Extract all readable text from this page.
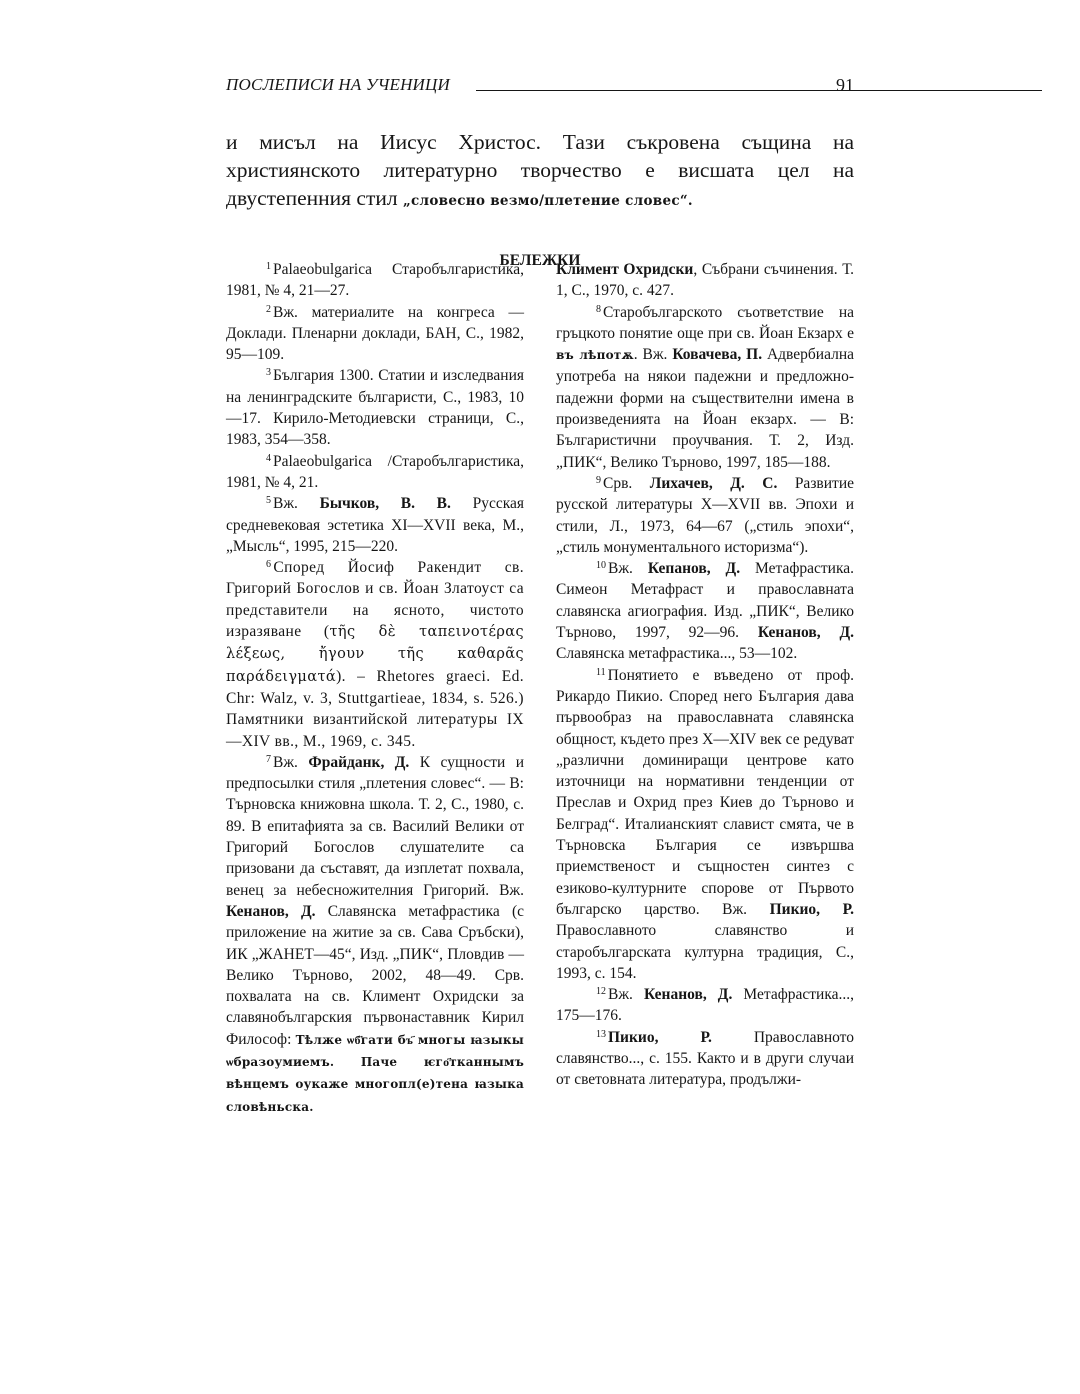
ПОСЛЕПИСИ НА УЧЕНИЦИ	91

и мисъл на Иисус Христос. Тази съкровена същина на християнското литературно творчество е висшата цел на двустепенния стил „словесно везмо/плетение словес“.

БЕЛЕЖКИ

$^1$ Palaeobulgarica Старобългаристика, 1981, № 4, 21—27.

$^2$ Вж. материалите на конгреса — Доклади. Пленарни доклади, БАН, С., 1982, 95—109.

$^3$ България 1300. Статии и изследвания на ленинградските българисти, С., 1983, 10—17. Кирило-Методиевски страници, С., 1983, 354—358.

$^4$ Palaeobulgarica /Старобългаристика, 1981, № 4, 21.

$^5$ Вж. Бычков, В. В. Русская средневековая эстетика XI—XVII века, М., „Мысль“, 1995, 215—220.

$^6$ Според Йосиф Ракендит св. Григорий Богослов и св. Йоан Златоуст са представители на ясното, чистото изразяване (τῆς δὲ ταπεινοτέρας λέξεως, ἤγουν τῆς καθαρᾶς παράδειγματά). – Rhetores graeci. Ed. Chr: Walz, v. 3, Stuttgartieae, 1834, s. 526.) Памятники византийской литературы IX—XIV вв., М., 1969, с. 345.

$^7$ Вж. Фрайданк, Д. К сущности и предпосылки стиля „плетения словес“. — В: Търновска книжовна школа. Т. 2, С., 1980, с. 89. В епитафията за св. Василий Велики от Григорий Богослов слушателите са призовани да съставят, да изплетат похвала, венец за небесножителния Григорий. Вж. Кенанов, Д. Славянска метафрастика (с приложение на житие за св. Сава Сръбски), ИК „ЖАНЕТ—45“, Изд. „ПИК“, Пловдив — Велико Търново, 2002, 48—49. Срв. похвалата на св. Климент Охридски за славянобългарския първонаставник Кирил Философ: Тѣлже ѡб҃гати бъ҃ многы ꙗзыкы ѡбразоумиемъ. Паче ѥго҃тканнымъ вѣнцемъ оукаже многопл(е)тена ꙗзыка словѣньска.

Климент Охридски, Събрани съчинения. Т. 1, С., 1970, с. 427.

$^8$ Старобългарското съответствие на гръцкото понятие още при св. Йоан Екзарх е въ лѣпотѫ. Вж. Ковачева, П. Адвербиална употреба на някои падежни и предложно-падежни форми на съществителни имена в произведенията на Йоан екзарх. — В: Българистични проучвания. Т. 2, Изд. „ПИК“, Велико Търново, 1997, 185—188.

$^9$ Срв. Лихачев, Д. С. Развитие русской литературы X—XVII вв. Эпохи и стили, Л., 1973, 64—67 („стиль эпохи“, „стиль монументального историзма“).

$^{10}$ Вж. Кепанов, Д. Метафрастика. Симеон Метафраст и православната славянска агиография. Изд. „ПИК“, Велико Търново, 1997, 92—96. Кенанов, Д. Славянска метафрастика..., 53—102.

$^{11}$ Понятието е въведено от проф. Рикардо Пикио. Според него България дава първообраз на православната славянска общност, където през X—XIV век се редуват „различни доминиращи центрове като източници на нормативни тенденции от Преслав и Охрид през Киев до Търново и Белград“. Италианският славист смята, че в Търновска България се извършва приемственост и същностен синтез с езиково-културните спорове от Първото българско царство. Вж. Пикио, Р. Православното славянство и старобългарската културна традиция, С., 1993, с. 154.

$^{12}$ Вж. Кенанов, Д. Метафрастика..., 175—176.

$^{13}$ Пикио, Р.	Православното славянство..., с. 155. Както и в други случаи от световната литература, продължи-
